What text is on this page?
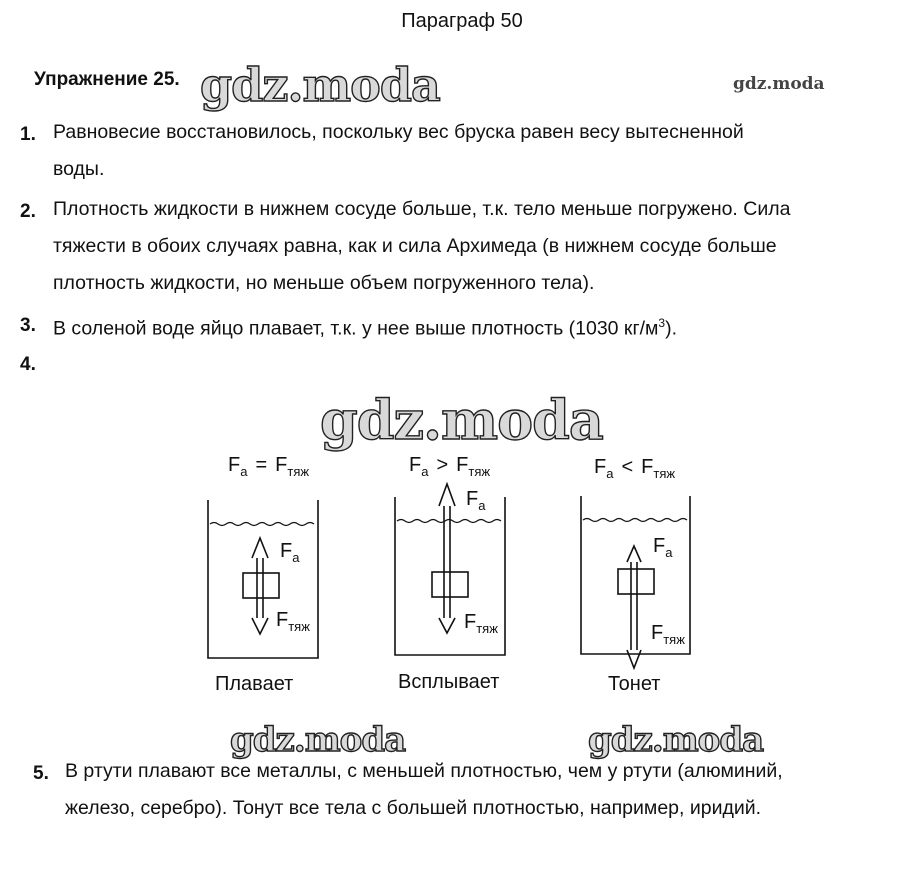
Параграф 50
Упражнение 25. gdz.moda	gdz.moda
gdz.moda
gdz.moda	gdz.moda
1. Равновесие восстановилось, поскольку вес бруска равен весу вытесненной
воды.
2. Плотность жидкости в нижнем сосуде больше, т.к. тело меньше погружено. Сила
тяжести в обоих случаях равна, как и сила Архимеда (в нижнем сосуде больше
плотность жидкости, но меньше объем погруженного тела).
3. В соленой воде яйцо плавает, т.к. у нее выше плотность (1030 $кг/м^3$).
4.
$F_a = F_{тяж}$	$F_a > F_{тяж}$	$F_a < F_{тяж}$
$F_a$
$F_{тяж}$
$F_a$
$F_{тяж}$
$F_a$
$F_{тяж}$
Плавает	Всплывает	Тонет
5. В ртути плавают все металлы, с меньшей плотностью, чем у ртути (алюминий,
железо, серебро). Тонут все тела с большей плотностью, например, иридий.
